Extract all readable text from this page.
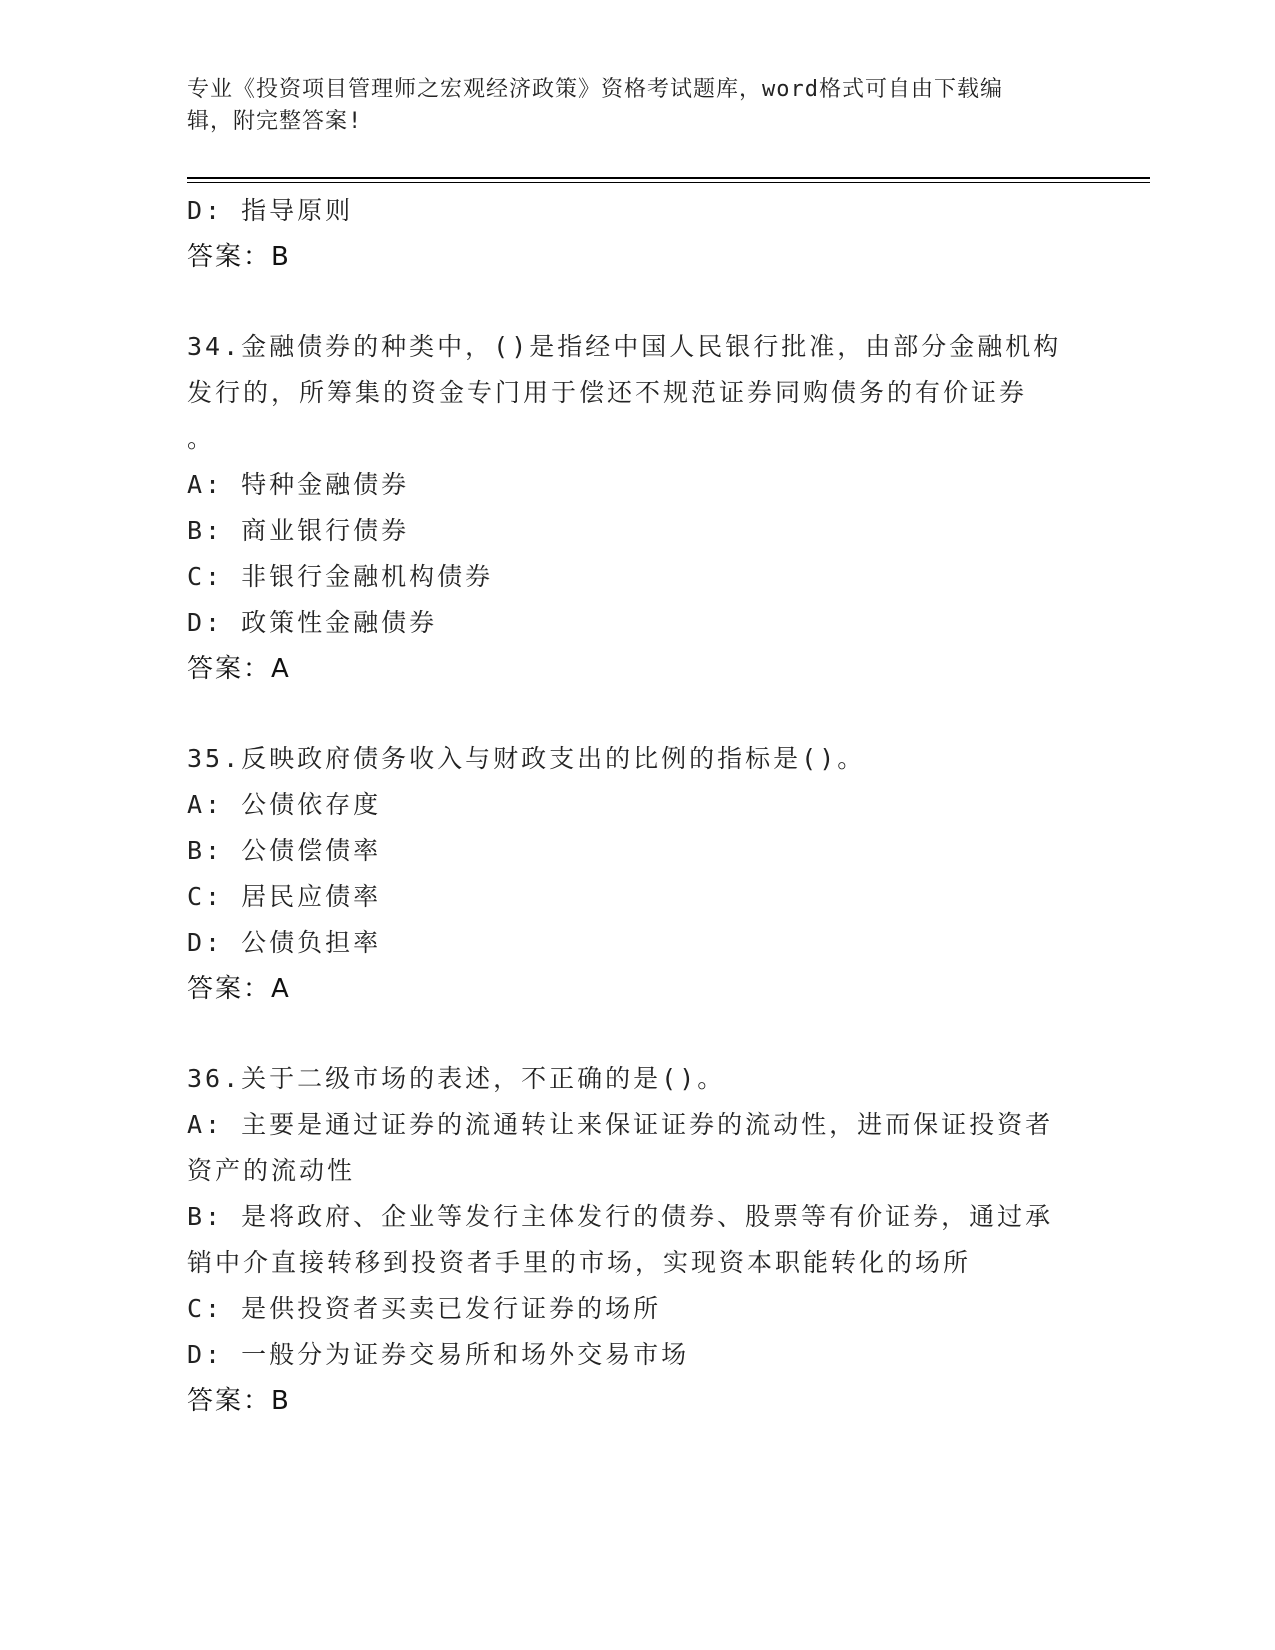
专业《投资项目管理师之宏观经济政策》资格考试题库，word格式可自由下载编
辑，附完整答案!
D: 指导原则
答案：B
34.金融债券的种类中，()是指经中国人民银行批准，由部分金融机构
发行的，所筹集的资金专门用于偿还不规范证券同购债务的有价证券
。
A: 特种金融债券
B: 商业银行债券
C: 非银行金融机构债券
D: 政策性金融债券
答案：A
35.反映政府债务收入与财政支出的比例的指标是()。
A: 公债依存度
B: 公债偿债率
C: 居民应债率
D: 公债负担率
答案：A
36.关于二级市场的表述，不正确的是()。
A: 主要是通过证券的流通转让来保证证券的流动性，进而保证投资者
资产的流动性
B: 是将政府、企业等发行主体发行的债券、股票等有价证券，通过承
销中介直接转移到投资者手里的市场，实现资本职能转化的场所
C: 是供投资者买卖已发行证券的场所
D: 一般分为证券交易所和场外交易市场
答案：B
